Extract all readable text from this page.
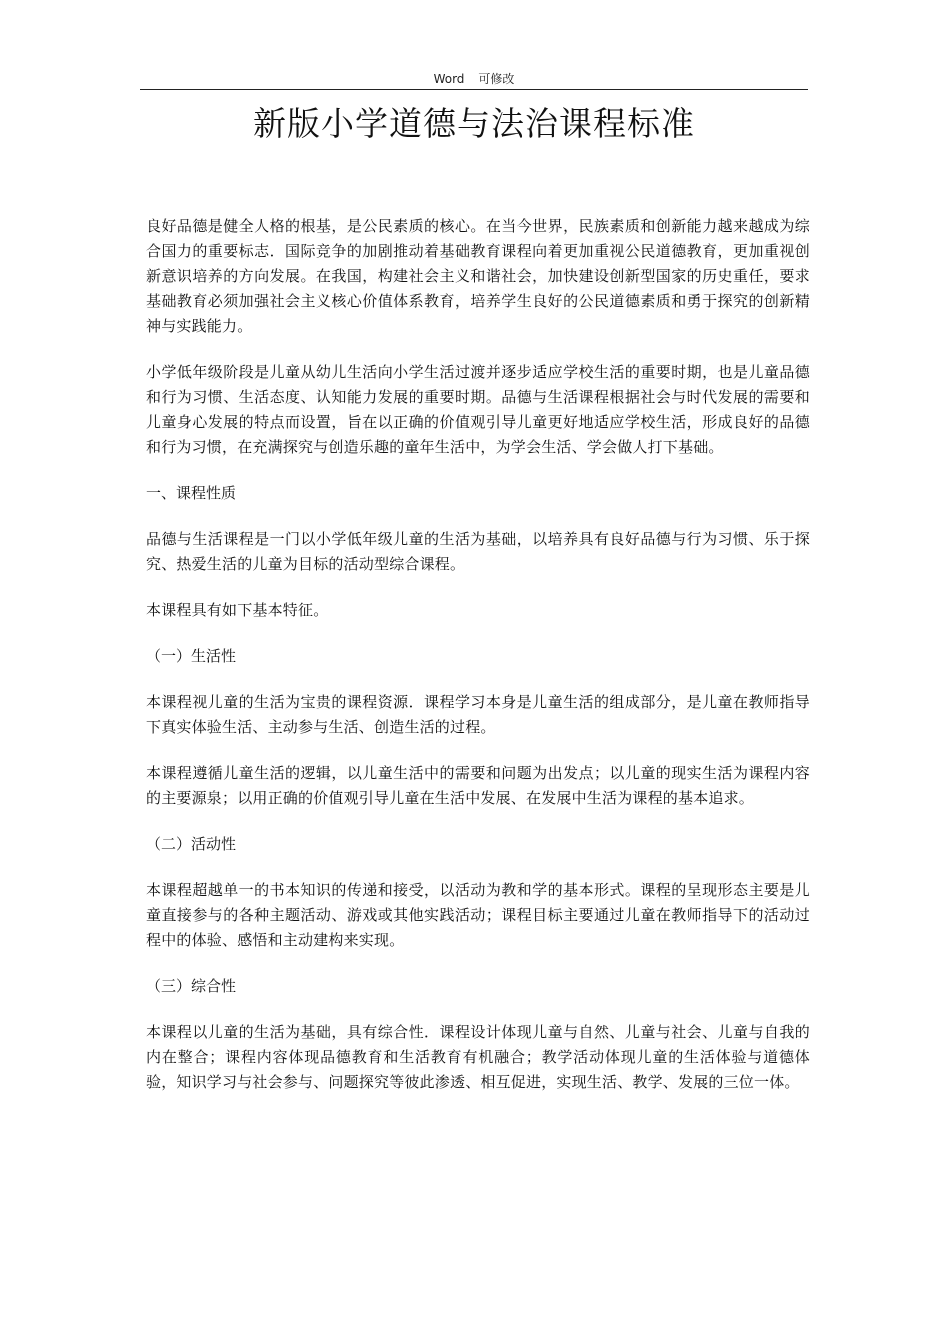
Word 可修改
新版小学道德与法治课程标准

良好品德是健全人格的根基，是公民素质的核心。在当今世界，民族素质和创新能力越来越成为综合国力的重要标志．国际竞争的加剧推动着基础教育课程向着更加重视公民道德教育，更加重视创新意识培养的方向发展。在我国，构建社会主义和谐社会，加快建设创新型国家的历史重任，要求基础教育必须加强社会主义核心价值体系教育，培养学生良好的公民道德素质和勇于探究的创新精神与实践能力。

小学低年级阶段是儿童从幼儿生活向小学生活过渡并逐步适应学校生活的重要时期，也是儿童品德和行为习惯、生活态度、认知能力发展的重要时期。品德与生活课程根据社会与时代发展的需要和儿童身心发展的特点而设置，旨在以正确的价值观引导儿童更好地适应学校生活，形成良好的品德和行为习惯，在充满探究与创造乐趣的童年生活中，为学会生活、学会做人打下基础。

一、课程性质

品德与生活课程是一门以小学低年级儿童的生活为基础，以培养具有良好品德与行为习惯、乐于探究、热爱生活的儿童为目标的活动型综合课程。

本课程具有如下基本特征。

（一）生活性

本课程视儿童的生活为宝贵的课程资源．课程学习本身是儿童生活的组成部分，是儿童在教师指导下真实体验生活、主动参与生活、创造生活的过程。

本课程遵循儿童生活的逻辑，以儿童生活中的需要和问题为出发点；以儿童的现实生活为课程内容的主要源泉；以用正确的价值观引导儿童在生活中发展、在发展中生活为课程的基本追求。

（二）活动性

本课程超越单一的书本知识的传递和接受，以活动为教和学的基本形式。课程的呈现形态主要是儿童直接参与的各种主题活动、游戏或其他实践活动；课程目标主要通过儿童在教师指导下的活动过程中的体验、感悟和主动建构来实现。

（三）综合性

本课程以儿童的生活为基础，具有综合性．课程设计体现儿童与自然、儿童与社会、儿童与自我的内在整合；课程内容体现品德教育和生活教育有机融合；教学活动体现儿童的生活体验与道德体验，知识学习与社会参与、问题探究等彼此渗透、相互促进，实现生活、教学、发展的三位一体。
